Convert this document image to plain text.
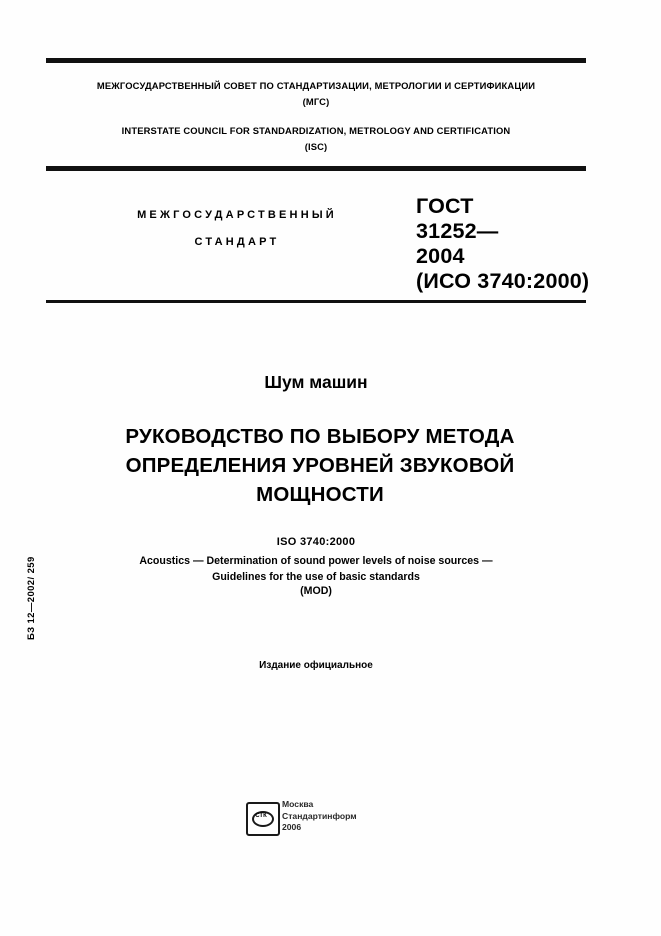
МЕЖГОСУДАРСТВЕННЫЙ СОВЕТ ПО СТАНДАРТИЗАЦИИ, МЕТРОЛОГИИ И СЕРТИФИКАЦИИ
(МГС)
INTERSTATE COUNCIL FOR STANDARDIZATION, METROLOGY AND CERTIFICATION
(ISC)
МЕЖГОСУДАРСТВЕННЫЙ
СТАНДАРТ
ГОСТ
31252—
2004
(ИСО 3740:2000)
Шум машин
РУКОВОДСТВО ПО ВЫБОРУ МЕТОДА
ОПРЕДЕЛЕНИЯ УРОВНЕЙ ЗВУКОВОЙ
МОЩНОСТИ
ISO 3740:2000
Acoustics — Determination of sound power levels of noise sources —
Guidelines for the use of basic standards
(MOD)
Издание официальное
БЗ 12—2002/ 259
СТК
Москва
Стандартинформ
2006
